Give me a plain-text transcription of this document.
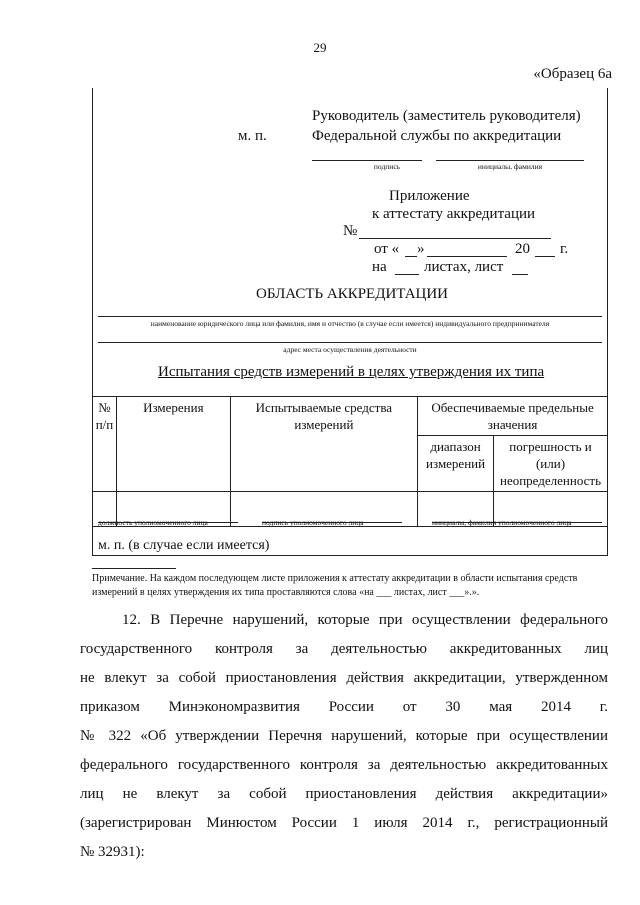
29
«Образец 6а
м. п.
Руководитель (заместитель руководителя)
Федеральной службы по аккредитации
подпись	инициалы, фамилия
Приложение
к аттестату аккредитации
№
от « »	20 г.
на листах, лист
ОБЛАСТЬ АККРЕДИТАЦИИ
наименование юридического лица или фамилия, имя и отчество (в случае если имеется) индивидуального предпринимателя
адрес места осуществления деятельности
Испытания средств измерений в целях утверждения их типа
№ п/п	Измерения	Испытываемые средства измерений	Обеспечиваемые предельные значения	
			диапазон измерений	погрешность и (или) неопределенность

должность уполномоченного лица	подпись уполномоченного лица	инициалы, фамилия уполномоченного лица
м. п. (в случае если имеется)
Примечание. На каждом последующем листе приложения к аттестату аккредитации в области испытания средств измерений в целях утверждения их типа проставляются слова «на ___ листах, лист ___».».
12. В Перечне нарушений, которые при осуществлении федерального
государственного контроля за деятельностью аккредитованных лиц
не влекут за собой приостановления действия аккредитации, утвержденном
приказом Минэкономразвития России от 30 мая 2014 г.
№ 322 «Об утверждении Перечня нарушений, которые при осуществлении
федерального государственного контроля за деятельностью аккредитованных
лиц не влекут за собой приостановления действия аккредитации»
(зарегистрирован Минюстом России 1 июля 2014 г., регистрационный
№ 32931):
